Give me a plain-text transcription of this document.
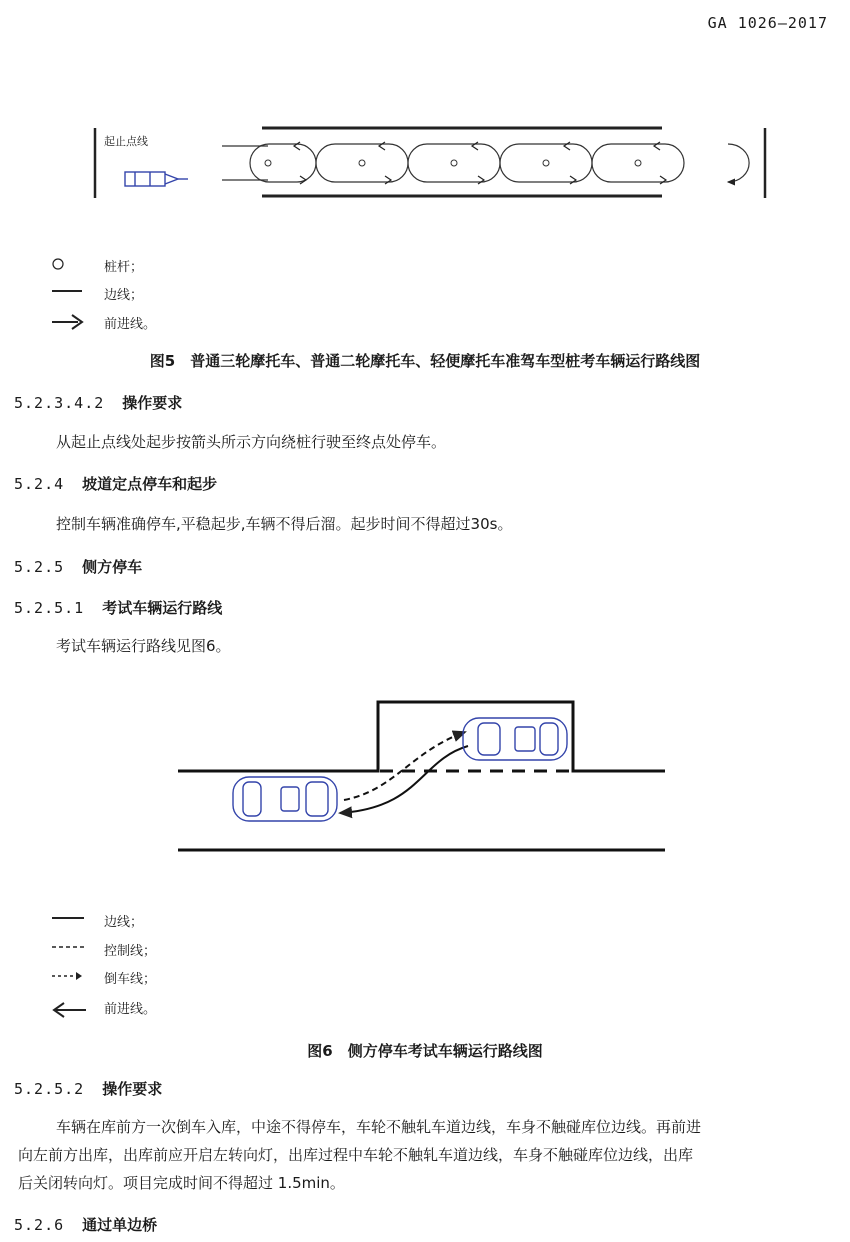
GA 1026—2017
起止点线
桩杆；
边线；
前进线。
图5　普通三轮摩托车、普通二轮摩托车、轻便摩托车准驾车型桩考车辆运行路线图
5.2.3.4.2 操作要求
从起止点线处起步按箭头所示方向绕桩行驶至终点处停车。
5.2.4 坡道定点停车和起步
控制车辆准确停车,平稳起步,车辆不得后溜。起步时间不得超过30s。
5.2.5 侧方停车
5.2.5.1 考试车辆运行路线
考试车辆运行路线见图6。
边线；
控制线；
倒车线；
前进线。
图6　侧方停车考试车辆运行路线图
5.2.5.2 操作要求
车辆在库前方一次倒车入库，中途不得停车，车轮不触轧车道边线，车身不触碰库位边线。再前进
向左前方出库，出库前应开启左转向灯，出库过程中车轮不触轧车道边线，车身不触碰库位边线，出库
后关闭转向灯。项目完成时间不得超过 1.5min。
5.2.6 通过单边桥
